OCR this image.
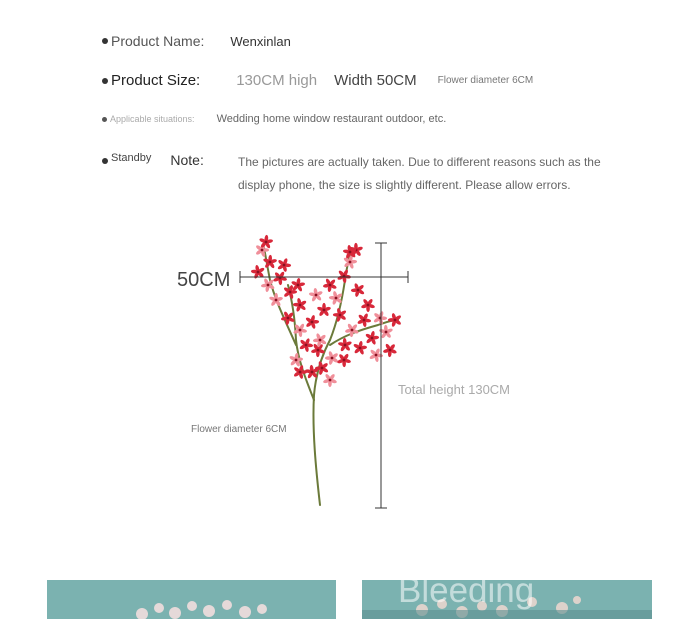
Product Name: Wenxinlan
Product Size: 130CM high Width 50CM Flower diameter 6CM
Applicable situations: Wedding home window restaurant outdoor, etc.
Standby Note:	The pictures are actually taken. Due to different reasons such as the display phone, the size is slightly different. Please allow errors.
50CM
Total height 130CM
Flower diameter 6CM
Bleeding
